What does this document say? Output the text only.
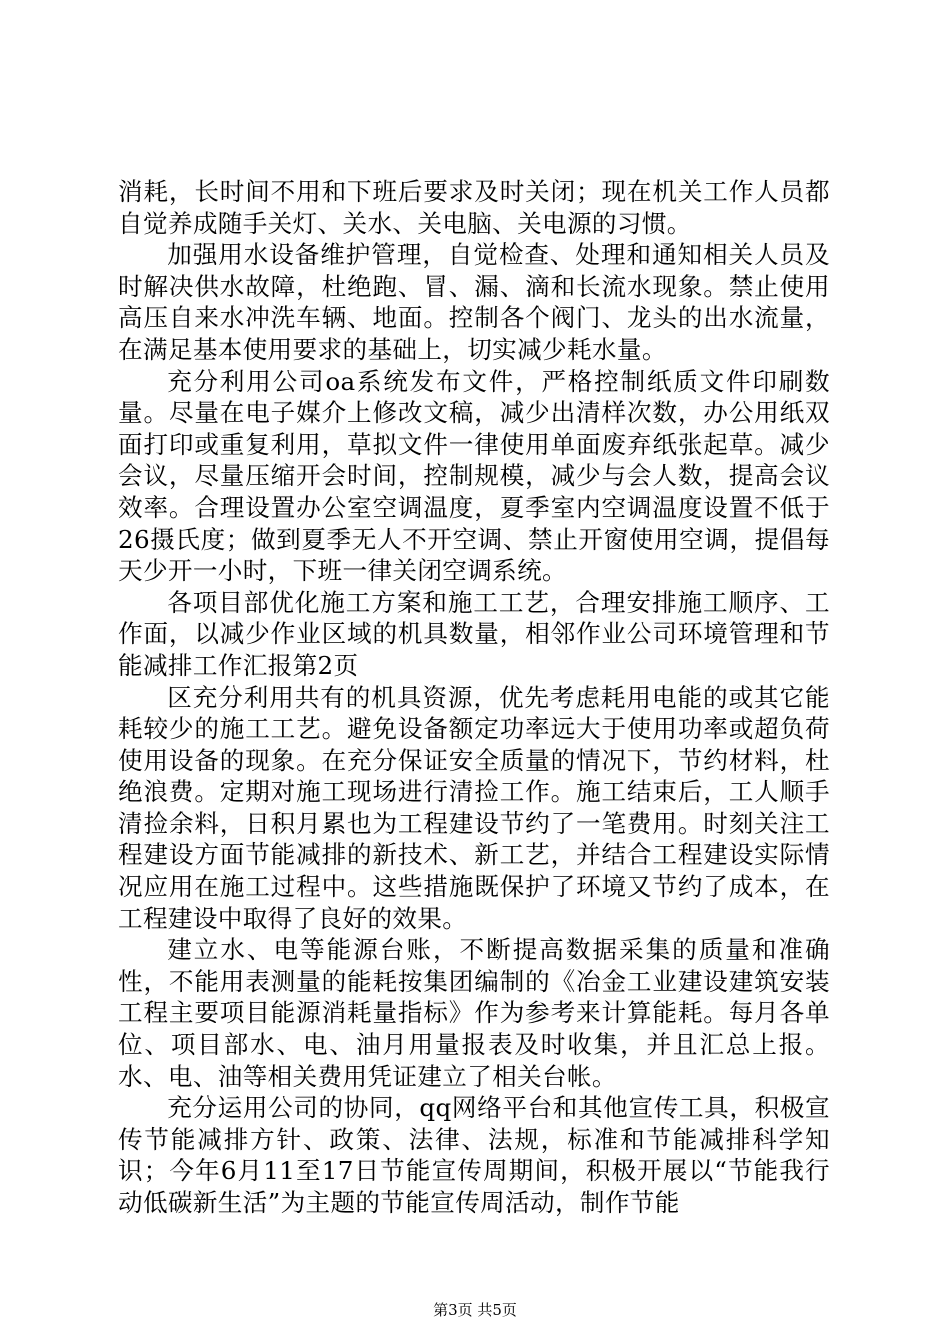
消耗，长时间不用和下班后要求及时关闭；现在机关工作人员都自觉养成随手关灯、关水、关电脑、关电源的习惯。

加强用水设备维护管理，自觉检查、处理和通知相关人员及时解决供水故障，杜绝跑、冒、漏、滴和长流水现象。禁止使用高压自来水冲洗车辆、地面。控制各个阀门、龙头的出水流量，在满足基本使用要求的基础上，切实减少耗水量。

充分利用公司oa系统发布文件，严格控制纸质文件印刷数量。尽量在电子媒介上修改文稿，减少出清样次数，办公用纸双面打印或重复利用，草拟文件一律使用单面废弃纸张起草。减少会议，尽量压缩开会时间，控制规模，减少与会人数，提高会议效率。合理设置办公室空调温度，夏季室内空调温度设置不低于26摄氏度；做到夏季无人不开空调、禁止开窗使用空调，提倡每天少开一小时，下班一律关闭空调系统。

各项目部优化施工方案和施工工艺，合理安排施工顺序、工作面，以减少作业区域的机具数量，相邻作业公司环境管理和节能减排工作汇报第2页

区充分利用共有的机具资源，优先考虑耗用电能的或其它能耗较少的施工工艺。避免设备额定功率远大于使用功率或超负荷使用设备的现象。在充分保证安全质量的情况下，节约材料，杜绝浪费。定期对施工现场进行清捡工作。施工结束后，工人顺手清捡余料，日积月累也为工程建设节约了一笔费用。时刻关注工程建设方面节能减排的新技术、新工艺，并结合工程建设实际情况应用在施工过程中。这些措施既保护了环境又节约了成本，在工程建设中取得了良好的效果。

建立水、电等能源台账，不断提高数据采集的质量和准确性，不能用表测量的能耗按集团编制的《冶金工业建设建筑安装工程主要项目能源消耗量指标》作为参考来计算能耗。每月各单位、项目部水、电、油月用量报表及时收集，并且汇总上报。水、电、油等相关费用凭证建立了相关台帐。

充分运用公司的协同，qq网络平台和其他宣传工具，积极宣传节能减排方针、政策、法律、法规，标准和节能减排科学知识；今年6月11至17日节能宣传周期间，积极开展以“节能我行动低碳新生活”为主题的节能宣传周活动，制作节能

第3页 共5页
